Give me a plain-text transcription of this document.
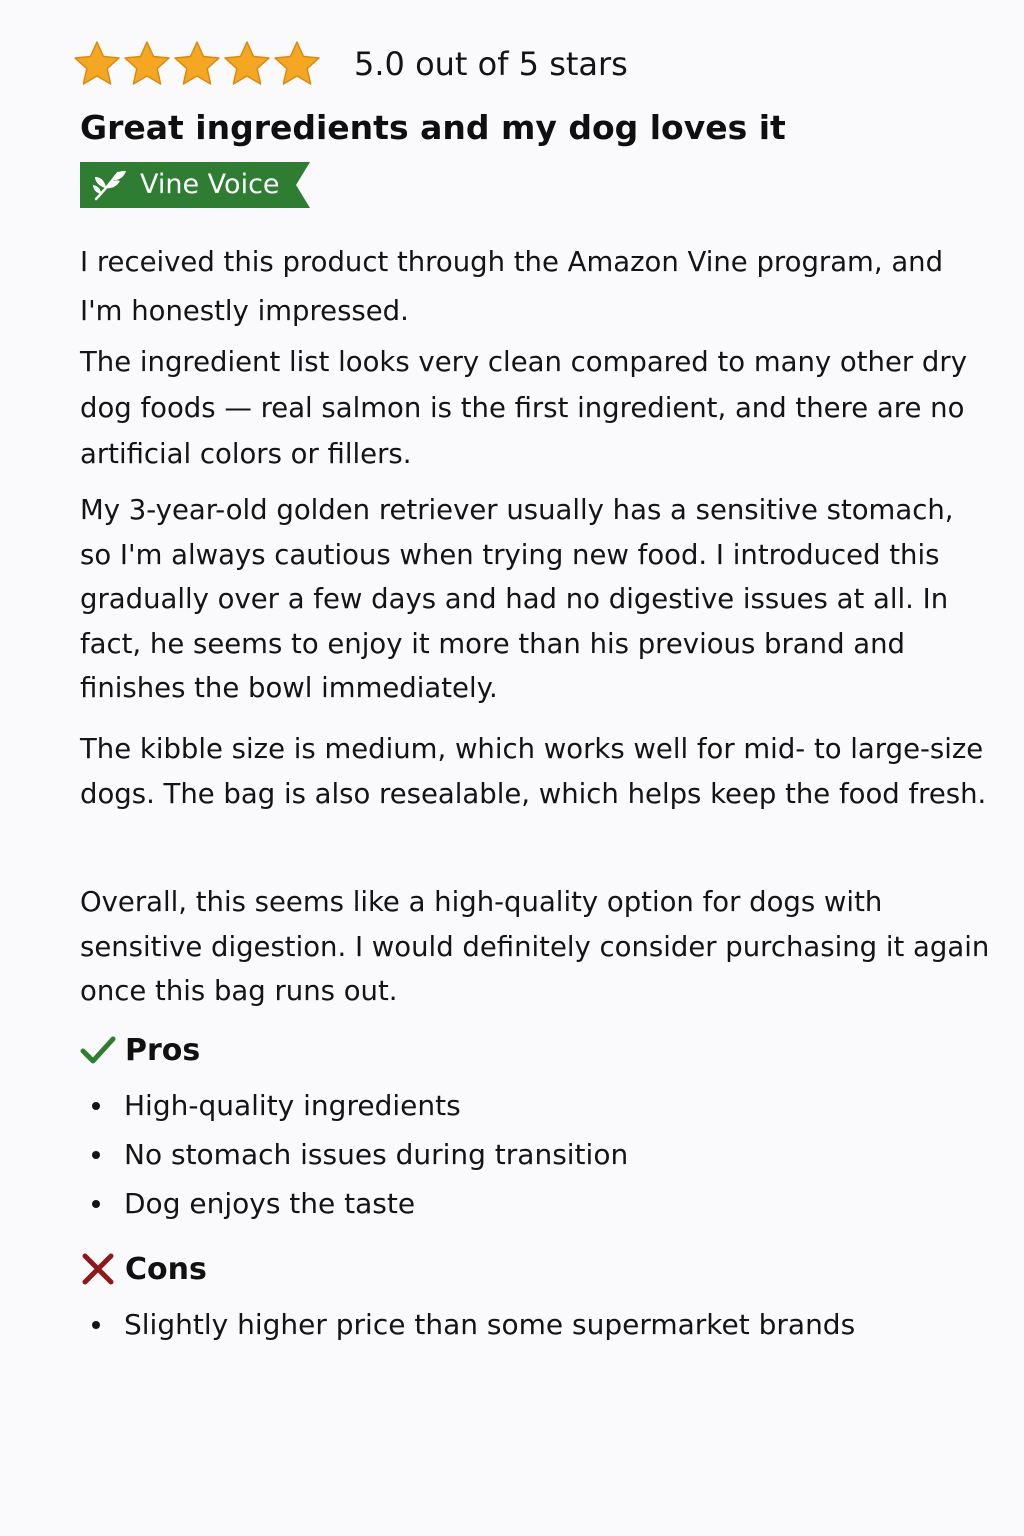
5.0 out of 5 stars
Great ingredients and my dog loves it
Vine Voice

I received this product through the Amazon Vine program, and I'm honestly impressed.

The ingredient list looks very clean compared to many other dry dog foods — real salmon is the first ingredient, and there are no artificial colors or fillers.

My 3-year-old golden retriever usually has a sensitive stomach, so I'm always cautious when trying new food. I introduced this gradually over a few days and had no digestive issues at all. In fact, he seems to enjoy it more than his previous brand and finishes the bowl immediately.

The kibble size is medium, which works well for mid- to large-size dogs. The bag is also resealable, which helps keep the food fresh.

Overall, this seems like a high-quality option for dogs with sensitive digestion. I would definitely consider purchasing it again once this bag runs out.

Pros
High-quality ingredients
No stomach issues during transition
Dog enjoys the taste
Cons
Slightly higher price than some supermarket brands
